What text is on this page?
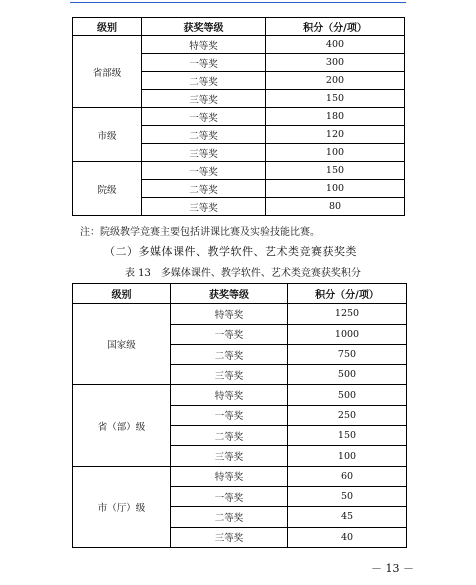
级别	获奖等级	积分（分/项）
省部级	特等奖	400
	一等奖	300
	二等奖	200
	三等奖	150
市级	一等奖	180
	二等奖	120
	三等奖	100
院级	一等奖	150
	二等奖	100
	三等奖	80
注：院级教学竞赛主要包括讲课比赛及实验技能比赛。
（二）多媒体课件、教学软件、艺术类竞赛获奖类
表 13　多媒体课件、教学软件、艺术类竞赛获奖积分
级别	获奖等级	积分（分/项）
国家级	特等奖	1250
	一等奖	1000
	二等奖	750
	三等奖	500
省（部）级	特等奖	500
	一等奖	250
	二等奖	150
	三等奖	100
市（厅）级	特等奖	60
	一等奖	50
	二等奖	45
	三等奖	40
－ 13 －
